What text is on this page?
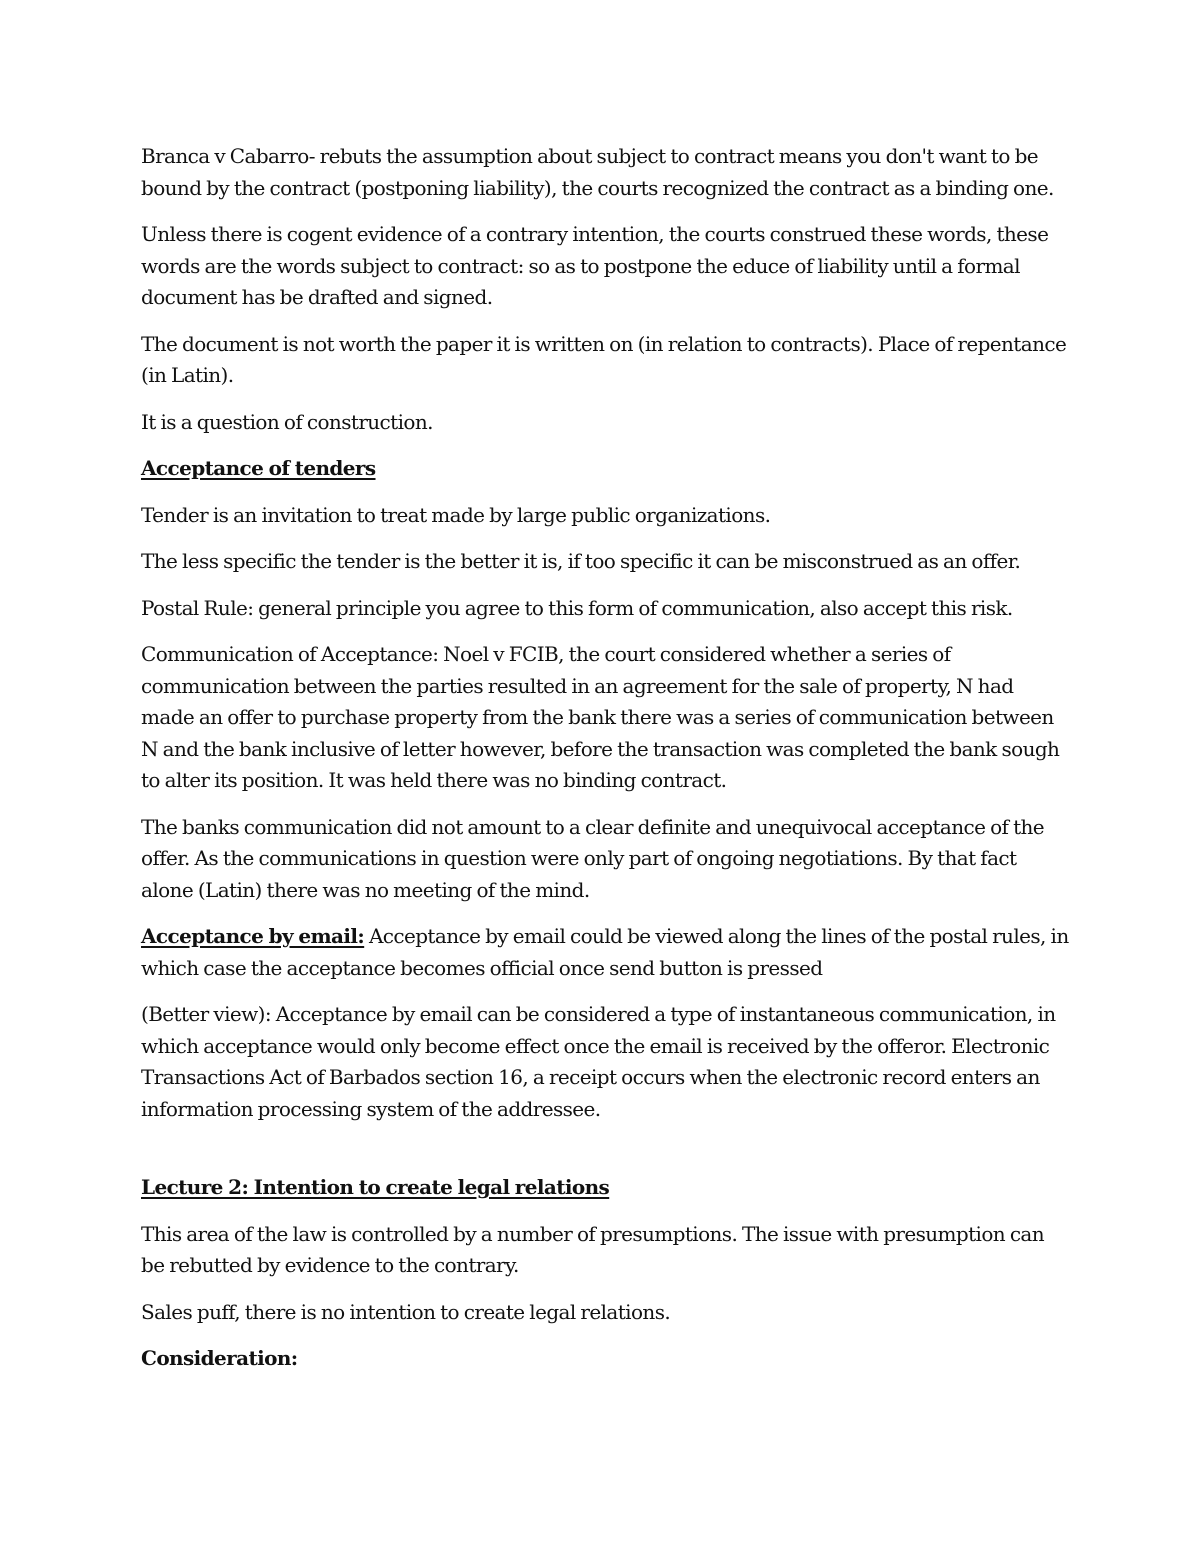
Branca v Cabarro- rebuts the assumption about subject to contract means you don't want to be bound by the contract (postponing liability), the courts recognized the contract as a binding one.

Unless there is cogent evidence of a contrary intention, the courts construed these words, these words are the words subject to contract: so as to postpone the educe of liability until a formal document has be drafted and signed.

The document is not worth the paper it is written on (in relation to contracts). Place of repentance (in Latin).

It is a question of construction.

Acceptance of tenders

Tender is an invitation to treat made by large public organizations.

The less specific the tender is the better it is, if too specific it can be misconstrued as an offer.

Postal Rule: general principle you agree to this form of communication, also accept this risk.

Communication of Acceptance: Noel v FCIB, the court considered whether a series of communication between the parties resulted in an agreement for the sale of property, N had made an offer to purchase property from the bank there was a series of communication between N and the bank inclusive of letter however, before the transaction was completed the bank sough to alter its position. It was held there was no binding contract.

The banks communication did not amount to a clear definite and unequivocal acceptance of the offer. As the communications in question were only part of ongoing negotiations. By that fact alone (Latin) there was no meeting of the mind.

Acceptance by email: Acceptance by email could be viewed along the lines of the postal rules, in which case the acceptance becomes official once send button is pressed

(Better view): Acceptance by email can be considered a type of instantaneous communication, in which acceptance would only become effect once the email is received by the offeror. Electronic Transactions Act of Barbados section 16, a receipt occurs when the electronic record enters an information processing system of the addressee.

Lecture 2: Intention to create legal relations

This area of the law is controlled by a number of presumptions. The issue with presumption can be rebutted by evidence to the contrary.

Sales puff, there is no intention to create legal relations.

Consideration:
